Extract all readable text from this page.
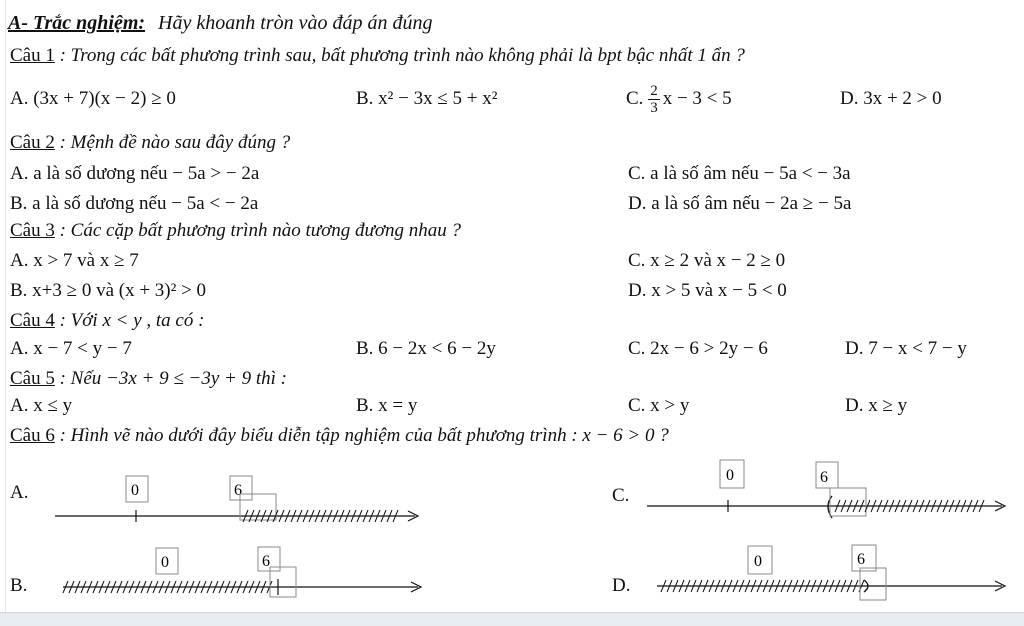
A- Trắc nghiệm: Hãy khoanh tròn vào đáp án đúng
Câu 1 : Trong các bất phương trình sau, bất phương trình nào không phải là bpt bậc nhất 1 ẩn ?
A. (3x + 7)(x − 2) ≥ 0	B. x² − 3x ≤ 5 + x²	C. $\frac{2}{3}$ x − 3 < 5	D. 3x + 2 > 0
Câu 2 : Mệnh đề nào sau đây đúng ?
A. a là số dương nếu − 5a > − 2a	C. a là số âm nếu − 5a < − 3a
B. a là số dương nếu − 5a < − 2a	D. a là số âm nếu − 2a ≥ − 5a
Câu 3 : Các cặp bất phương trình nào tương đương nhau ?
A. x > 7 và x ≥ 7	C. x ≥ 2 và x − 2 ≥ 0
B. x+3 ≥ 0 và (x + 3)² > 0	D. x > 5 và x − 5 < 0
Câu 4 : Với x < y , ta có :
A. x − 7 < y − 7	B. 6 − 2x < 6 − 2y	C. 2x − 6 > 2y − 6	D. 7 − x < 7 − y
Câu 5 : Nếu −3x + 9 ≤ −3y + 9 thì :
A. x ≤ y	B. x = y	C. x > y	D. x ≥ y
Câu 6 : Hình vẽ nào dưới đây biểu diễn tập nghiệm của bất phương trình : x − 6 > 0 ?
A.
B.
C.
D.
0	6
0	6
0	6
0	6
